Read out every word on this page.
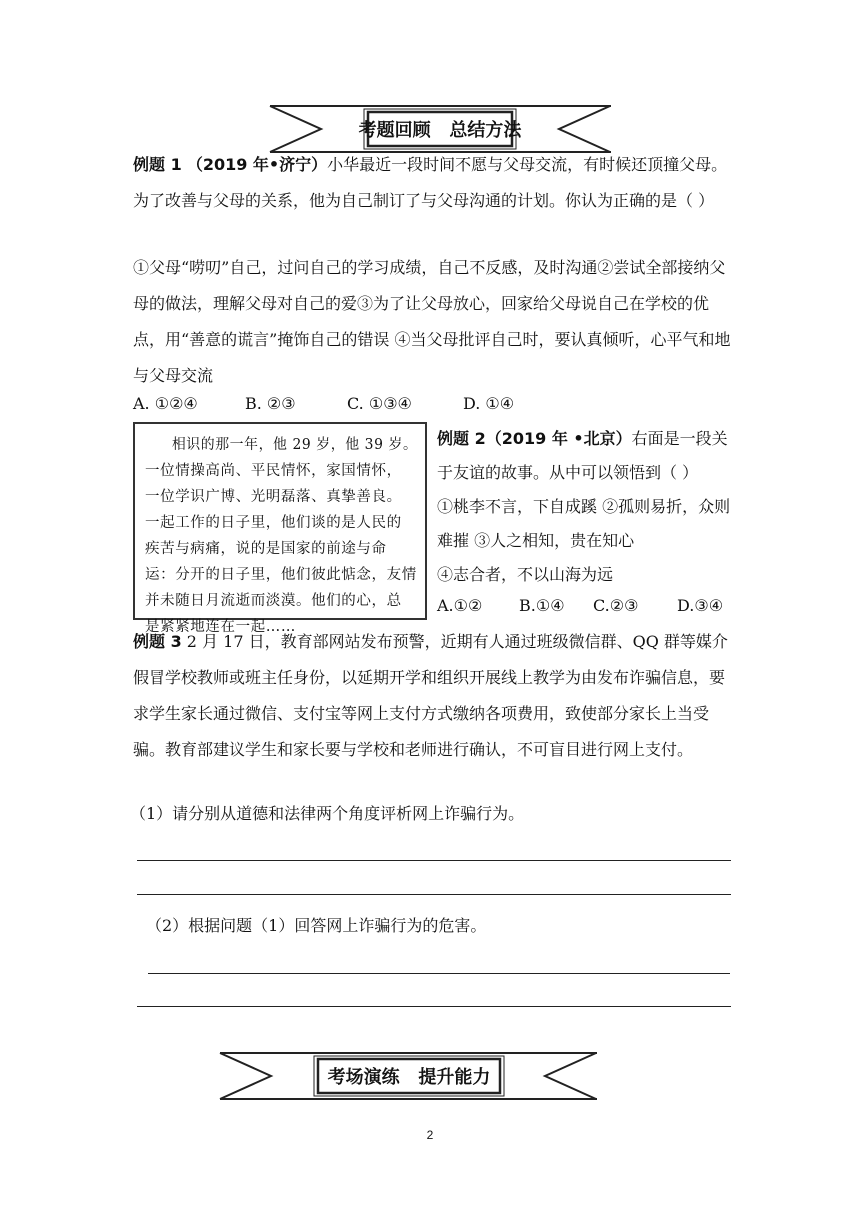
考题回顾   总结方法

例题 1 （2019 年•济宁）小华最近一段时间不愿与父母交流，有时候还顶撞父母。为了改善与父母的关系，他为自己制订了与父母沟通的计划。你认为正确的是（ ）

①父母“唠叨”自己，过问自己的学习成绩，自己不反感，及时沟通②尝试全部接纳父母的做法，理解父母对自己的爱③为了让父母放心，回家给父母说自己在学校的优点，用“善意的谎言”掩饰自己的错误 ④当父母批评自己时，要认真倾听，心平气和地与父母交流

A. ①②④	B. ②③	C. ①③④	D. ①④
相识的那一年，他 29 岁，他 39 岁。
一位情操高尚、平民情怀，家国情怀，
一位学识广博、光明磊落、真挚善良。
一起工作的日子里，他们谈的是人民的
疾苦与病痛，说的是国家的前途与命
运：分开的日子里，他们彼此惦念，友情
并未随日月流逝而淡漠。他们的心，总
是紧紧地连在一起……

例题 2（2019 年 •北京）右面是一段关于友谊的故事。从中可以领悟到（ ）

①桃李不言，下自成蹊 ②孤则易折，众则难摧 ③人之相知，贵在知心

④志合者，不以山海为远

A.①② B.①④ C.②③ D.③④

例题 3 2 月 17 日，教育部网站发布预警，近期有人通过班级微信群、QQ 群等媒介假冒学校教师或班主任身份，以延期开学和组织开展线上教学为由发布诈骗信息，要求学生家长通过微信、支付宝等网上支付方式缴纳各项费用，致使部分家长上当受骗。教育部建议学生和家长要与学校和老师进行确认，不可盲目进行网上支付。

（1）请分别从道德和法律两个角度评析网上诈骗行为。

（2）根据问题（1）回答网上诈骗行为的危害。

考场演练   提升能力
2
